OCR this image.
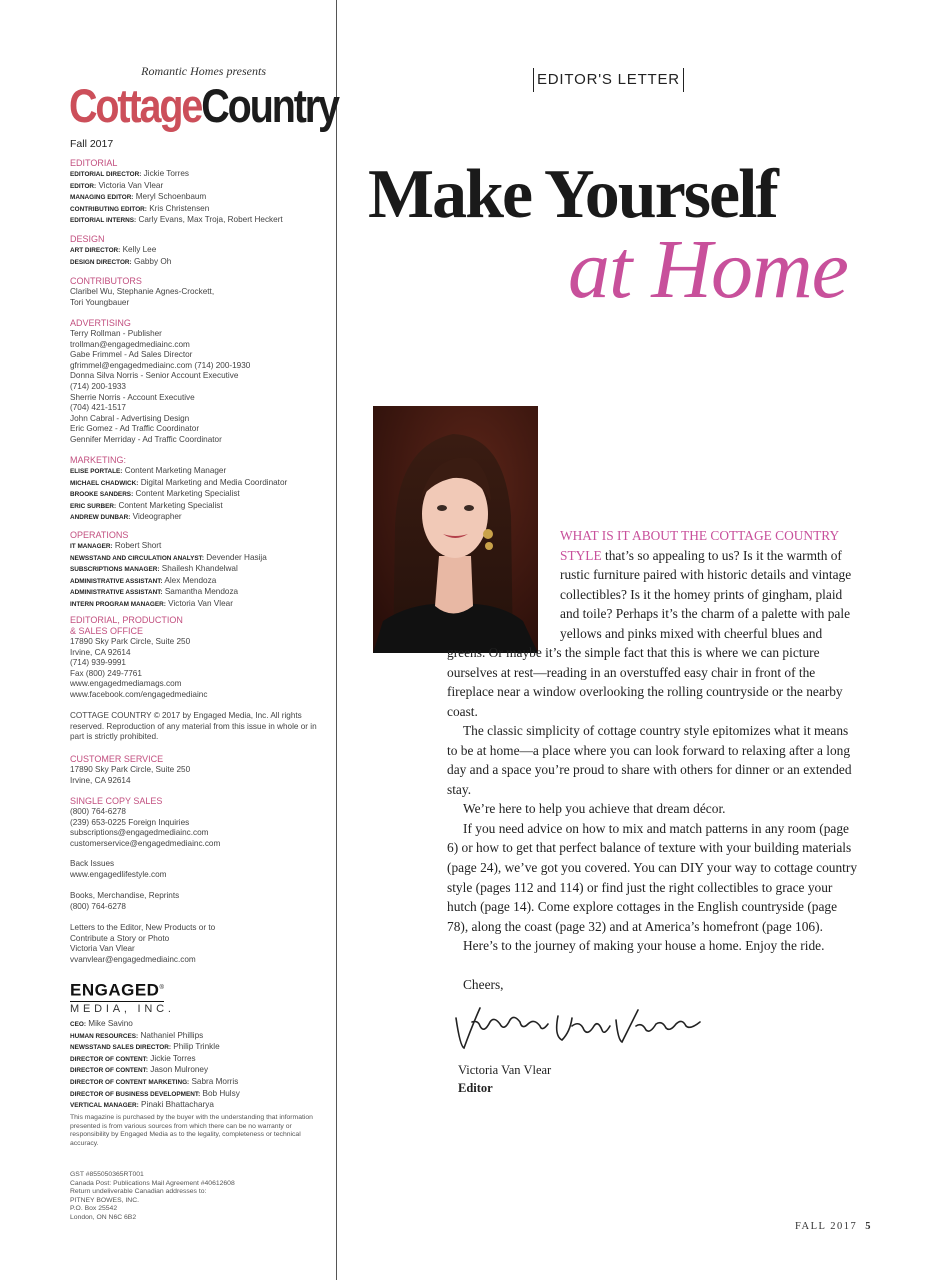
Romantic Homes presents
CottageCountry
Fall 2017
EDITORIAL
EDITORIAL DIRECTOR: Jickie Torres
EDITOR: Victoria Van Vlear
MANAGING EDITOR: Meryl Schoenbaum
CONTRIBUTING EDITOR: Kris Christensen
EDITORIAL INTERNS: Carly Evans, Max Troja, Robert Heckert
DESIGN
ART DIRECTOR: Kelly Lee
DESIGN DIRECTOR: Gabby Oh
CONTRIBUTORS
Claribel Wu, Stephanie Agnes-Crockett,
Tori Youngbauer
ADVERTISING
Terry Rollman - Publisher
trollman@engagedmediainc.com
Gabe Frimmel - Ad Sales Director
gfrimmel@engagedmediainc.com (714) 200-1930
Donna Silva Norris - Senior Account Executive
(714) 200-1933
Sherrie Norris - Account Executive
(704) 421-1517
John Cabral - Advertising Design
Eric Gomez - Ad Traffic Coordinator
Gennifer Merriday - Ad Traffic Coordinator
MARKETING:
ELISE PORTALE: Content Marketing Manager
MICHAEL CHADWICK: Digital Marketing and Media Coordinator
BROOKE SANDERS: Content Marketing Specialist
ERIC SURBER: Content Marketing Specialist
ANDREW DUNBAR: Videographer
OPERATIONS
IT MANAGER: Robert Short
NEWSSTAND AND CIRCULATION ANALYST: Devender Hasija
SUBSCRIPTIONS MANAGER: Shailesh Khandelwal
ADMINISTRATIVE ASSISTANT: Alex Mendoza
ADMINISTRATIVE ASSISTANT: Samantha Mendoza
INTERN PROGRAM MANAGER: Victoria Van Vlear
EDITORIAL, PRODUCTION
& SALES OFFICE
17890 Sky Park Circle, Suite 250
Irvine, CA 92614
(714) 939-9991
Fax (800) 249-7761
www.engagedmediamags.com
www.facebook.com/engagedmediainc
COTTAGE COUNTRY © 2017 by Engaged Media, Inc. All rights reserved. Reproduction of any material from this issue in whole or in part is strictly prohibited.
CUSTOMER SERVICE
17890 Sky Park Circle, Suite 250
Irvine, CA 92614
SINGLE COPY SALES
(800) 764-6278
(239) 653-0225 Foreign Inquiries
subscriptions@engagedmediainc.com
customerservice@engagedmediainc.com
Back Issues
www.engagedlifestyle.com
Books, Merchandise, Reprints
(800) 764-6278
Letters to the Editor, New Products or to
Contribute a Story or Photo
Victoria Van Vlear
vvanvlear@engagedmediainc.com
ENGAGED®
MEDIA, INC.
CEO: Mike Savino
HUMAN RESOURCES: Nathaniel Phillips
NEWSSTAND SALES DIRECTOR: Philip Trinkle
DIRECTOR OF CONTENT: Jickie Torres
DIRECTOR OF CONTENT: Jason Mulroney
DIRECTOR OF CONTENT MARKETING: Sabra Morris
DIRECTOR OF BUSINESS DEVELOPMENT: Bob Hulsy
VERTICAL MANAGER: Pinaki Bhattacharya
This magazine is purchased by the buyer with the understanding that information presented is from various sources from which there can be no warranty or responsibility by Engaged Media as to the legality, completeness or technical accuracy.
GST #855050365RT001
Canada Post: Publications Mail Agreement #40612608
Return undeliverable Canadian addresses to:
PITNEY BOWES, INC.
P.O. Box 25542
London, ON N6C 6B2
EDITOR'S LETTER
Make Yourself
at Home
WHAT IS IT ABOUT THE COTTAGE COUNTRY STYLE that’s so appealing to us? Is it the warmth of rustic furniture paired with historic details and vintage collectibles? Is it the homey prints of gingham, plaid and toile? Perhaps it’s the charm of a palette with pale yellows and pinks mixed with cheerful blues and

greens. Or maybe it’s the simple fact that this is where we can picture ourselves at rest—reading in an overstuffed easy chair in front of the fireplace near a window overlooking the rolling countryside or the nearby coast.

The classic simplicity of cottage country style epitomizes what it means to be at home—a place where you can look forward to relaxing after a long day and a space you’re proud to share with others for dinner or an extended stay.

We’re here to help you achieve that dream décor.

If you need advice on how to mix and match patterns in any room (page 6) or how to get that perfect balance of texture with your building materials (page 24), we’ve got you covered. You can DIY your way to cottage country style (pages 112 and 114) or find just the right collectibles to grace your hutch (page 14). Come explore cottages in the English countryside (page 78), along the coast (page 32) and at America’s homefront (page 106).

Here’s to the journey of making your house a home. Enjoy the ride.

Cheers,
Victoria Van Vlear
Editor
FALL 2017 5
